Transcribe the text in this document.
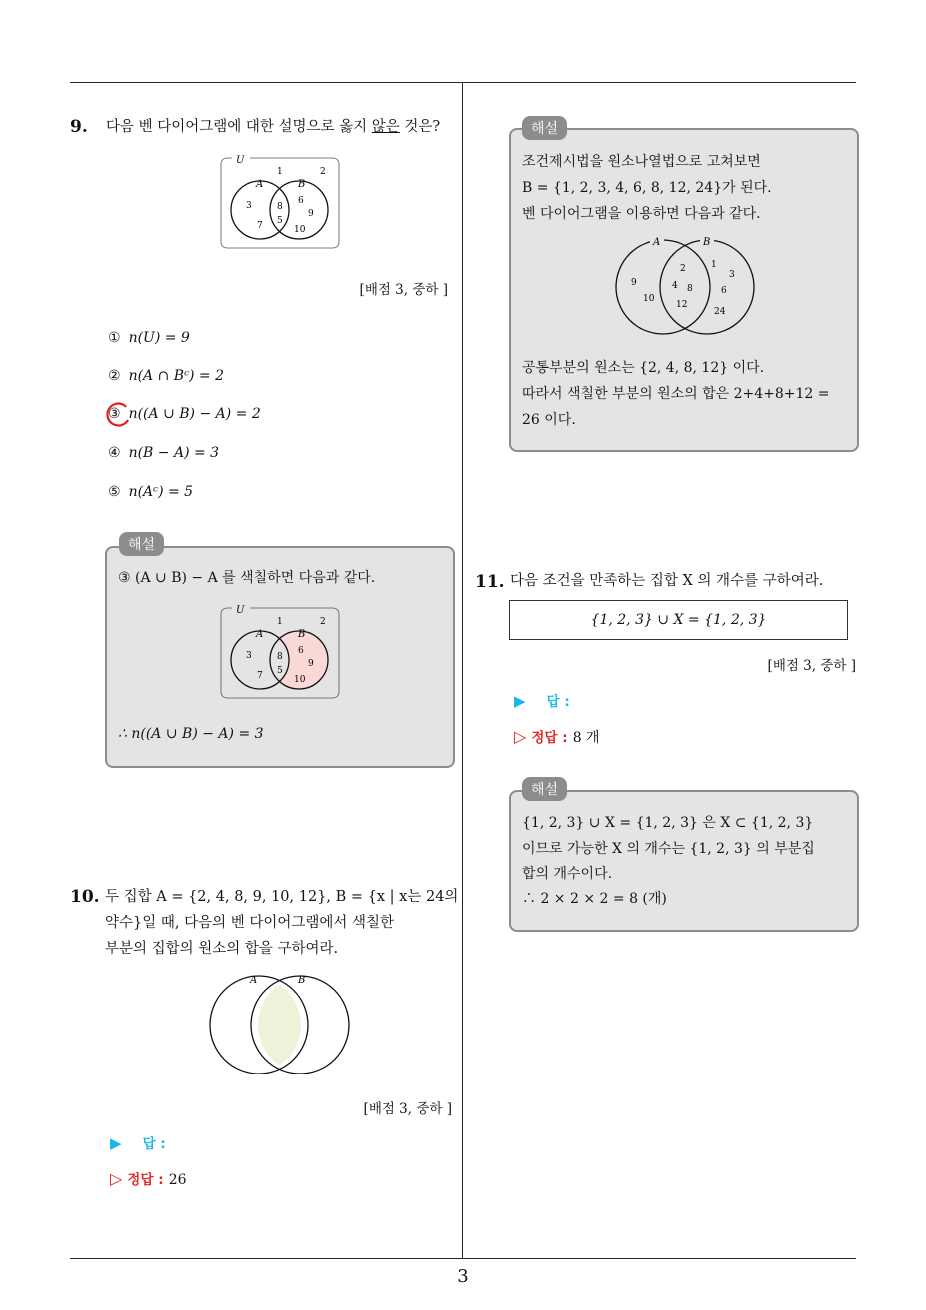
3
9. 다음 벤 다이어그램에 대한 설명으로 옳지 않은 것은?
U
A	B
1	2
3
7
8
5
6
9
10
[배점 3, 중하 ]
① n(U) = 9
② n(A ∩ Bᶜ) = 2
③ n((A ∪ B) − A) = 2
④ n(B − A) = 3
⑤ n(Aᶜ) = 5
해설
③ (A ∪ B) − A 를 색칠하면 다음과 같다.
U
A	B
1	2
3
7
8
5
6
9
10
∴ n((A ∪ B) − A) = 3
10. 두 집합 A = {2, 4, 8, 9, 10, 12}, B = {x | x는 24의
약수}일 때, 다음의 벤 다이어그램에서 색칠한
부분의 집합의 원소의 합을 구하여라.
A	B
[배점 3, 중하 ]
▶ 답 :
▷ 정답 : 26
해설
조건제시법을 원소나열법으로 고쳐보면
B = {1, 2, 3, 4, 6, 8, 12, 24}가 된다.
벤 다이어그램을 이용하면 다음과 같다.
A	B
9
10
2
4 8
12
1
3
6
24
공통부분의 원소는 {2, 4, 8, 12} 이다.
따라서 색칠한 부분의 원소의 합은 2+4+8+12 =
26 이다.
11. 다음 조건을 만족하는 집합 X 의 개수를 구하여라.
{1, 2, 3} ∪ X = {1, 2, 3}
[배점 3, 중하 ]
▶ 답 :
▷ 정답 : 8 개
해설
{1, 2, 3} ∪ X = {1, 2, 3} 은 X ⊂ {1, 2, 3}
이므로 가능한 X 의 개수는 {1, 2, 3} 의 부분집
합의 개수이다.
∴ 2 × 2 × 2 = 8 (개)
